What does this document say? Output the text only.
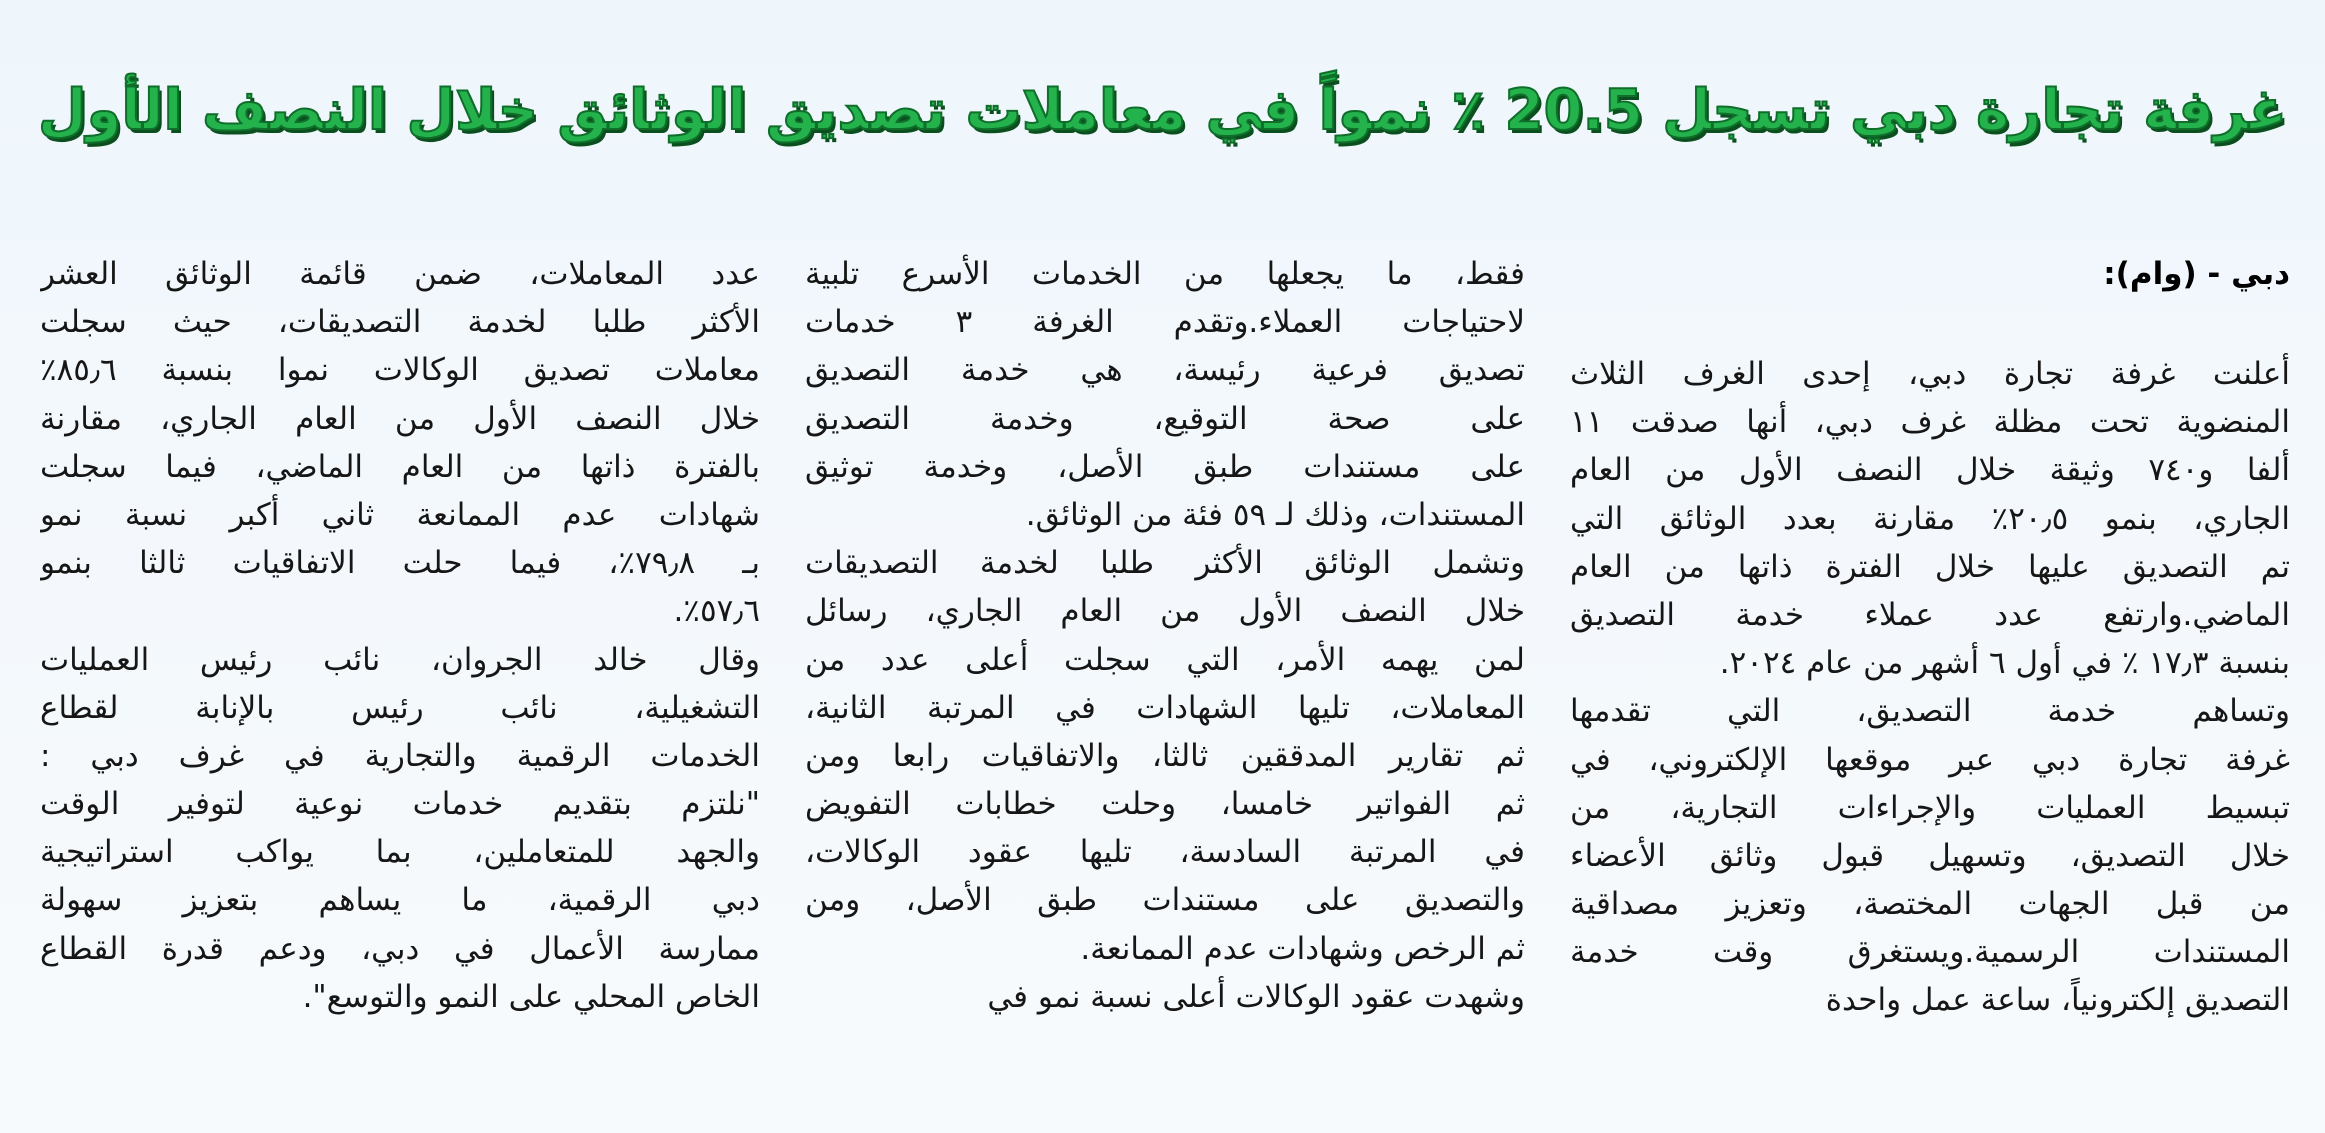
غرفة تجارة دبي تسجل 20.5 ٪ نمواً في معاملات تصديق الوثائق خلال النصف الأول
دبي - (وام):
أعلنت غرفة تجارة دبي، إحدى الغرف الثلاث
المنضوية تحت مظلة غرف دبي، أنها صدقت ١١
ألفا و٧٤٠ وثيقة خلال النصف الأول من العام
الجاري، بنمو ٢٠٫٥٪ مقارنة بعدد الوثائق التي
تم التصديق عليها خلال الفترة ذاتها من العام
الماضي.وارتفع عدد عملاء خدمة التصديق
بنسبة ١٧٫٣ ٪ في أول ٦ أشهر من عام ٢٠٢٤.
وتساهم خدمة التصديق، التي تقدمها
غرفة تجارة دبي عبر موقعها الإلكتروني، في
تبسيط العمليات والإجراءات التجارية، من
خلال التصديق، وتسهيل قبول وثائق الأعضاء
من قبل الجهات المختصة، وتعزيز مصداقية
المستندات الرسمية.ويستغرق وقت خدمة
التصديق إلكترونياً، ساعة عمل واحدة
فقط، ما يجعلها من الخدمات الأسرع تلبية
لاحتياجات العملاء.وتقدم الغرفة ٣ خدمات
تصديق فرعية رئيسة، هي خدمة التصديق
على صحة التوقيع، وخدمة التصديق
على مستندات طبق الأصل، وخدمة توثيق
المستندات، وذلك لـ ٥٩ فئة من الوثائق.
وتشمل الوثائق الأكثر طلبا لخدمة التصديقات
خلال النصف الأول من العام الجاري، رسائل
لمن يهمه الأمر، التي سجلت أعلى عدد من
المعاملات، تليها الشهادات في المرتبة الثانية،
ثم تقارير المدققين ثالثا، والاتفاقيات رابعا ومن
ثم الفواتير خامسا، وحلت خطابات التفويض
في المرتبة السادسة، تليها عقود الوكالات،
والتصديق على مستندات طبق الأصل، ومن
ثم الرخص وشهادات عدم الممانعة.
وشهدت عقود الوكالات أعلى نسبة نمو في
عدد المعاملات، ضمن قائمة الوثائق العشر
الأكثر طلبا لخدمة التصديقات، حيث سجلت
معاملات تصديق الوكالات نموا بنسبة ٨٥٫٦٪
خلال النصف الأول من العام الجاري، مقارنة
بالفترة ذاتها من العام الماضي، فيما سجلت
شهادات عدم الممانعة ثاني أكبر نسبة نمو
بـ ٧٩٫٨٪، فيما حلت الاتفاقيات ثالثا بنمو
٥٧٫٦٪.
وقال خالد الجروان، نائب رئيس العمليات
التشغيلية، نائب رئيس بالإنابة لقطاع
الخدمات الرقمية والتجارية في غرف دبي :
"نلتزم بتقديم خدمات نوعية لتوفير الوقت
والجهد للمتعاملين، بما يواكب استراتيجية
دبي الرقمية، ما يساهم بتعزيز سهولة
ممارسة الأعمال في دبي، ودعم قدرة القطاع
الخاص المحلي على النمو والتوسع".
